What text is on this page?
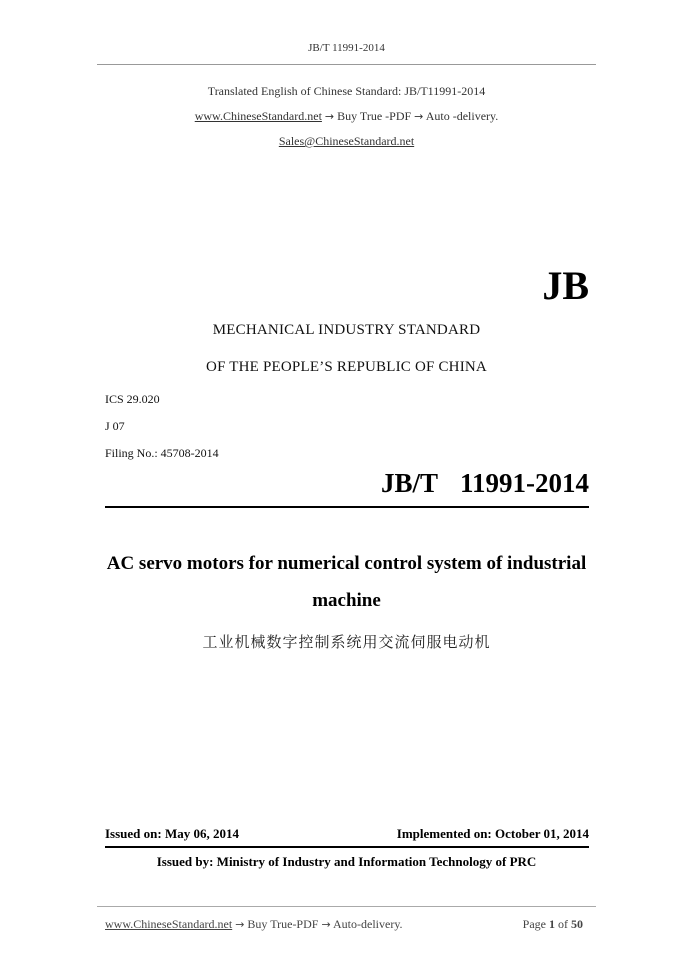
JB/T 11991-2014
Translated English of Chinese Standard: JB/T11991-2014
www.ChineseStandard.net → Buy True -PDF → Auto -delivery.
Sales@ChineseStandard.net
JB
MECHANICAL INDUSTRY STANDARD
OF THE PEOPLE’S REPUBLIC OF CHINA
ICS 29.020
J 07
Filing No.: 45708-2014
JB/T 11991-2014
AC servo motors for numerical control system of industrial
machine
工业机械数字控制系统用交流伺服电动机
Issued on: May 06, 2014	Implemented on: October 01, 2014
Issued by: Ministry of Industry and Information Technology of PRC
www.ChineseStandard.net → Buy True-PDF → Auto-delivery.	Page 1 of 50
